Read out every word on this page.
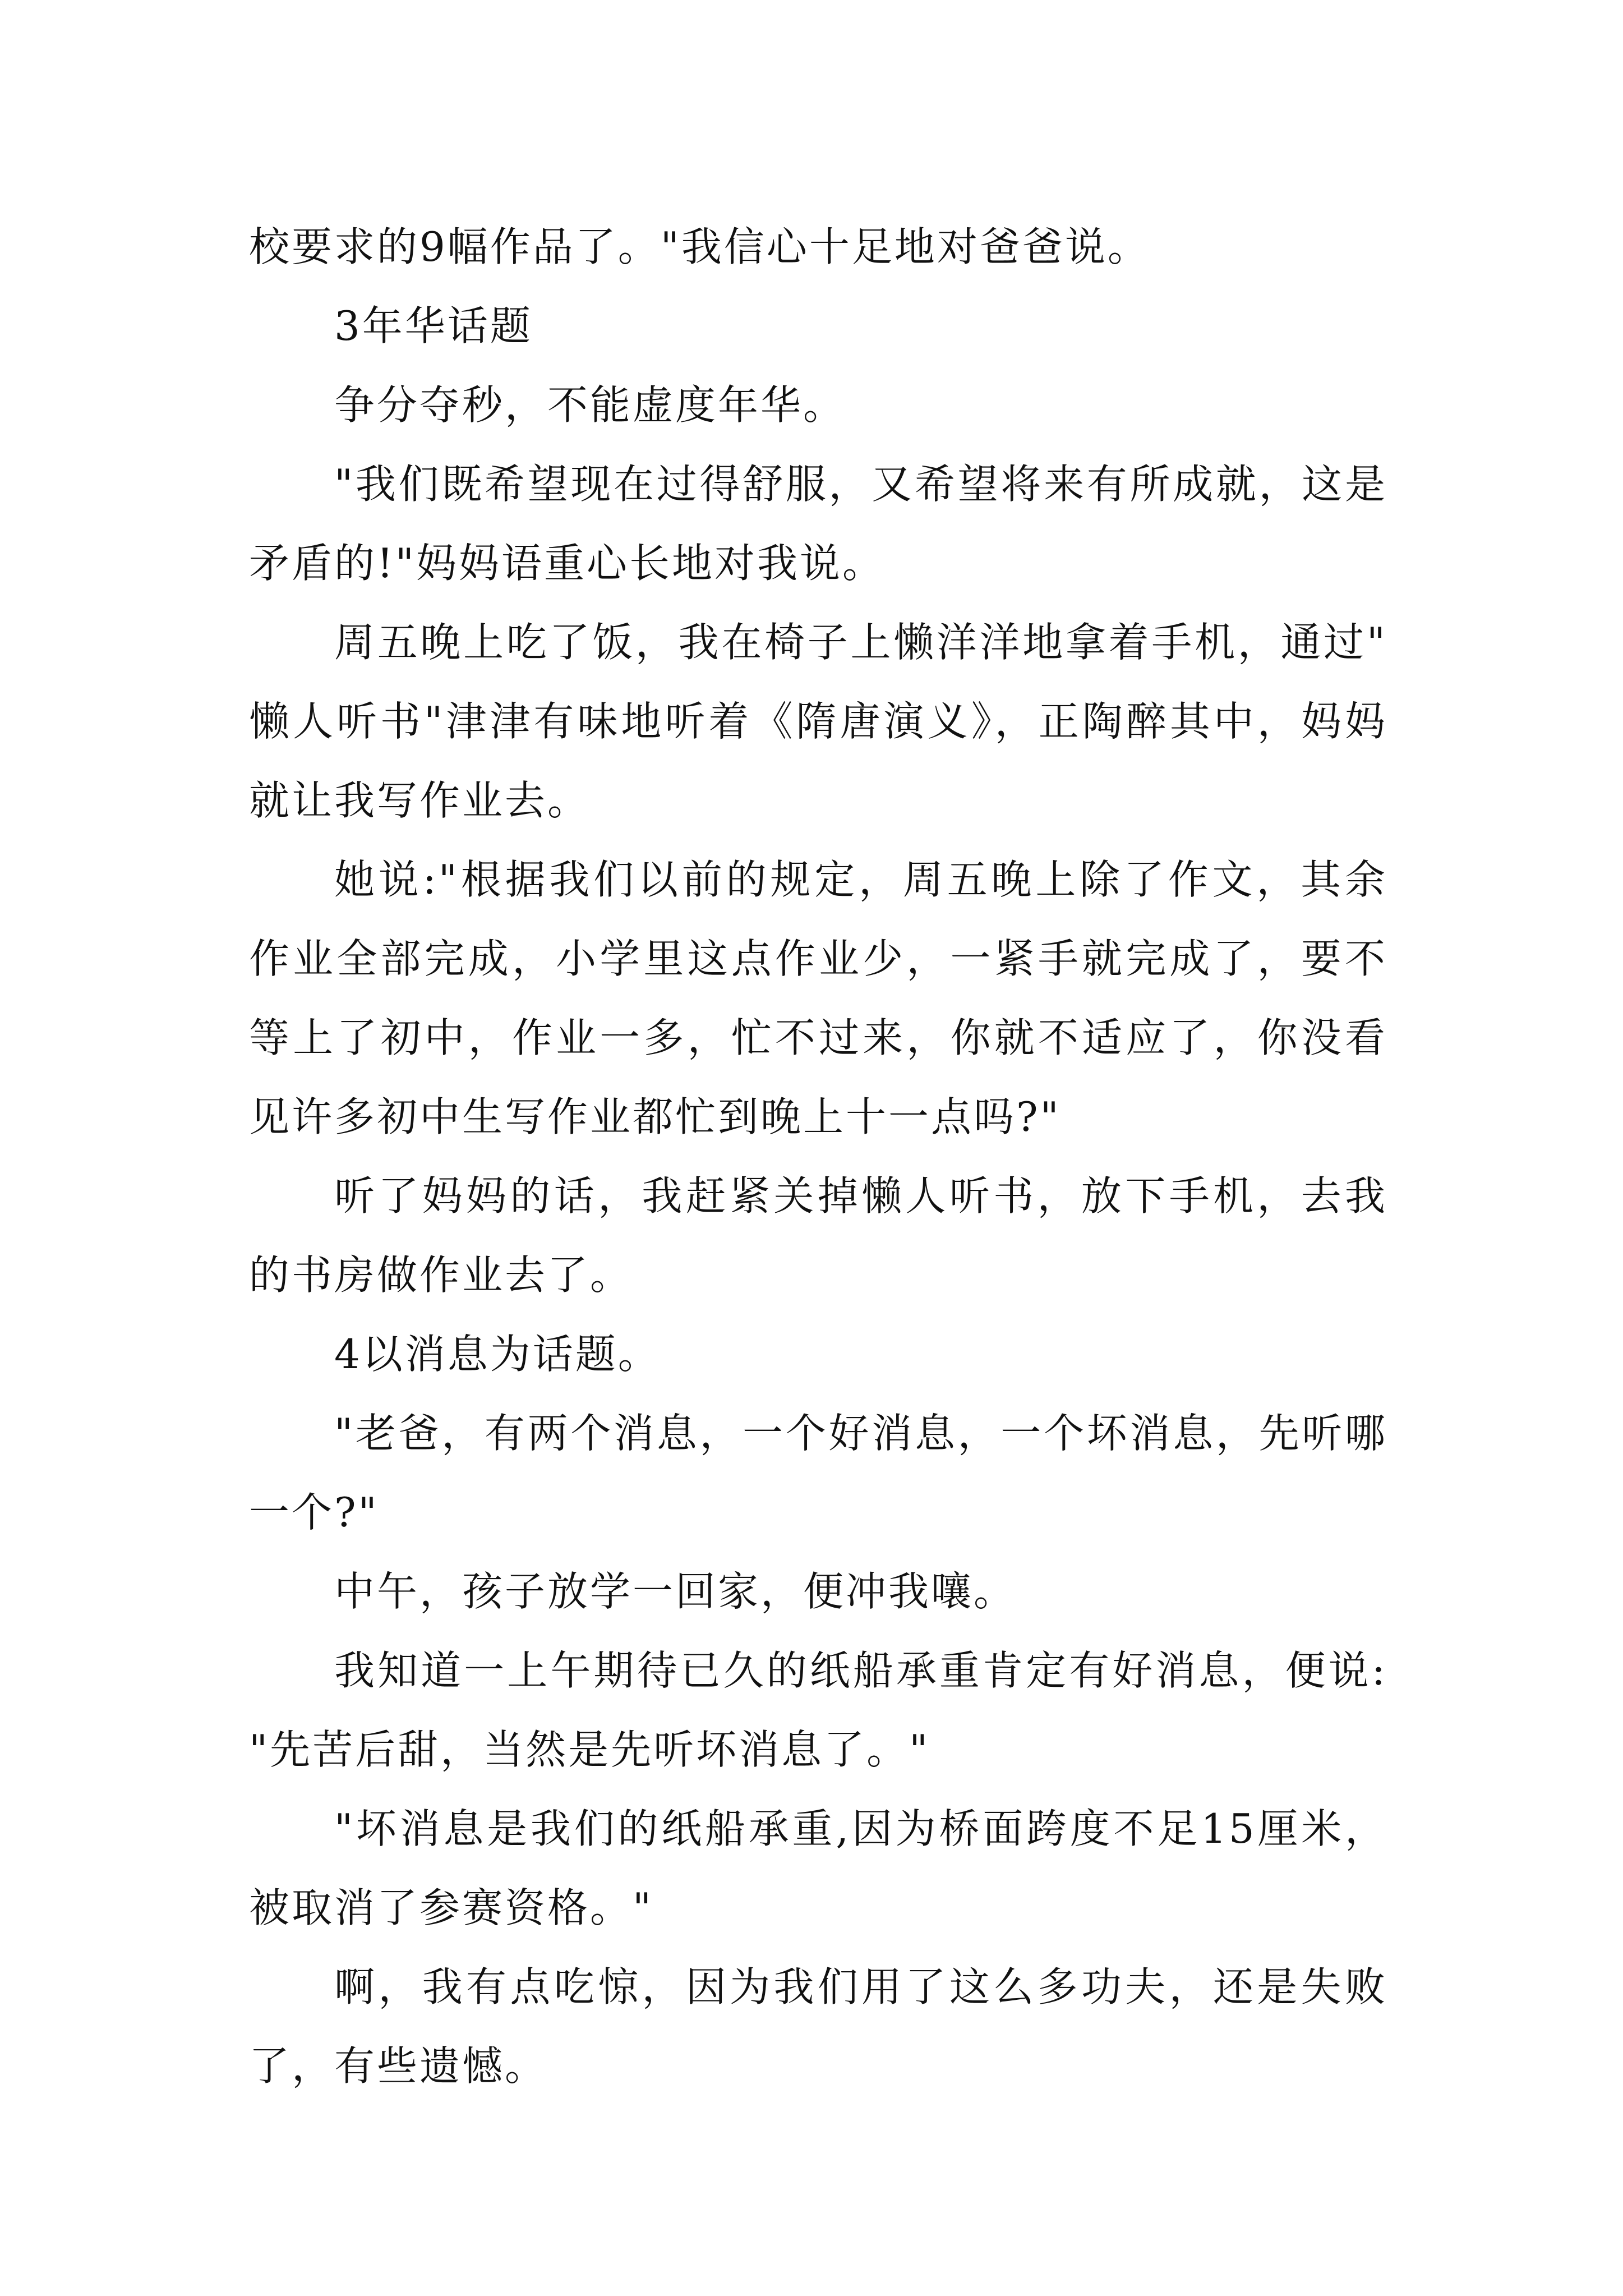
校要求的9幅作品了。"我信心十足地对爸爸说。

3年华话题

争分夺秒，不能虚度年华。

"我们既希望现在过得舒服，又希望将来有所成就，这是矛盾的!"妈妈语重心长地对我说。

周五晚上吃了饭，我在椅子上懒洋洋地拿着手机，通过"懒人听书"津津有味地听着《隋唐演义》，正陶醉其中，妈妈就让我写作业去。

她说:"根据我们以前的规定，周五晚上除了作文，其余作业全部完成，小学里这点作业少，一紧手就完成了，要不等上了初中，作业一多，忙不过来，你就不适应了，你没看见许多初中生写作业都忙到晚上十一点吗?"

听了妈妈的话，我赶紧关掉懒人听书，放下手机，去我的书房做作业去了。

4以消息为话题。

"老爸，有两个消息，一个好消息，一个坏消息，先听哪一个?"

中午，孩子放学一回家，便冲我嚷。

我知道一上午期待已久的纸船承重肯定有好消息，便说:"先苦后甜，当然是先听坏消息了。"

"坏消息是我们的纸船承重,因为桥面跨度不足15厘米，被取消了参赛资格。"

啊，我有点吃惊，因为我们用了这么多功夫，还是失败了，有些遗憾。
